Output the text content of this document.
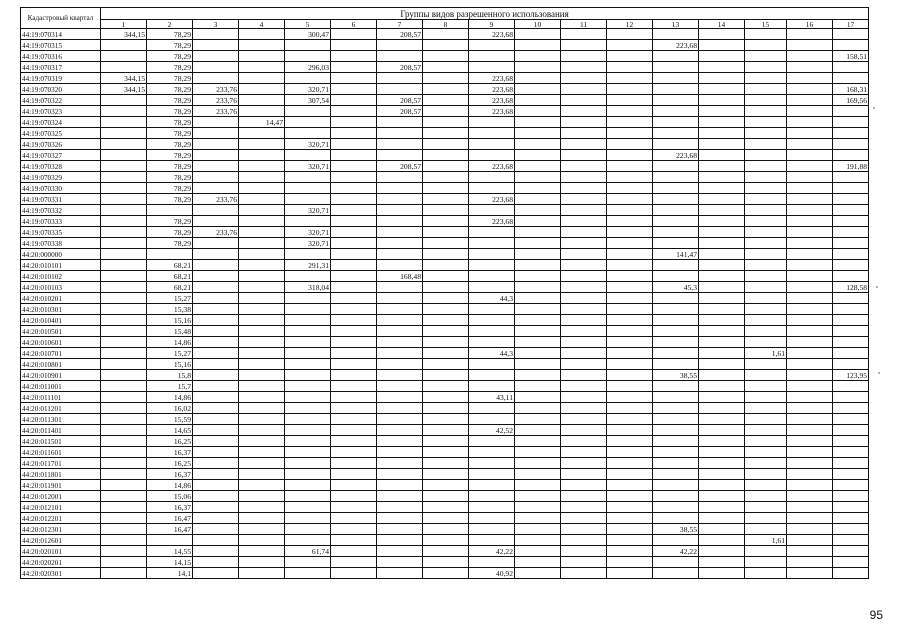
Кадастровый квартал	Группы видов разрешенного использования																
	1	2	3	4	5	6	7	8	9	10	11	12	13	14	15	16	17
44:19:070314	344,15	78,29			300,47		208,57		223,68								
44:19:070315		78,29											223,68				
44:19:070316		78,29															158,51
44:19:070317		78,29			296,03		208,57										
44:19:070319	344,15	78,29							223,68								
44:19:070320	344,15	78,29	233,76		320,71				223,68								168,31
44:19:070322		78,29	233,76		307,54		208,57		223,68								169,56
44:19:070323		78,29	233,76				208,57		223,68								
44:19:070324		78,29		14,47													
44:19:070325		78,29															
44:19:070326		78,29			320,71												
44:19:070327		78,29											223,68				
44:19:070328		78,29			320,71		208,57		223,68								191,88
44:19:070329		78,29															
44:19:070330		78,29															
44:19:070331		78,29	233,76						223,68								
44:19:070332					320,71												
44:19:070333		78,29							223,68								
44:19:070335		78,29	233,76		320,71												
44:19:070338		78,29			320,71												
44:20:000000													141,47				
44:20:010101		68,21			291,31												
44:20:010102		68,21					168,48										
44:20:010103		68,21			318,04								45,3				128,58
44:20:010201		15,27							44,3								
44:20:010301		15,38															
44:20:010401		15,16															
44:20:010501		15,48															
44:20:010601		14,86															
44:20:010701		15,27							44,3						1,61		
44:20:010801		15,16															
44:20:010901		15,8											38,55				123,95
44:20:011001		15,7															
44:20:011101		14,86							43,11								
44:20:011201		16,02															
44:20:011301		15,59															
44:20:011401		14,65							42,52								
44:20:011501		16,25															
44:20:011601		16,37															
44:20:011701		16,25															
44:20:011801		16,37															
44:20:011901		14,86															
44:20:012001		15,06															
44:20:012101		16,37															
44:20:012201		16,47															
44:20:012301		16,47											38,55				
44:20:012601															1,61		
44:20:020101		14,55			61,74				42,22				42,22				
44:20:020201		14,15															
44:20:020301		14,1							40,92								
95
